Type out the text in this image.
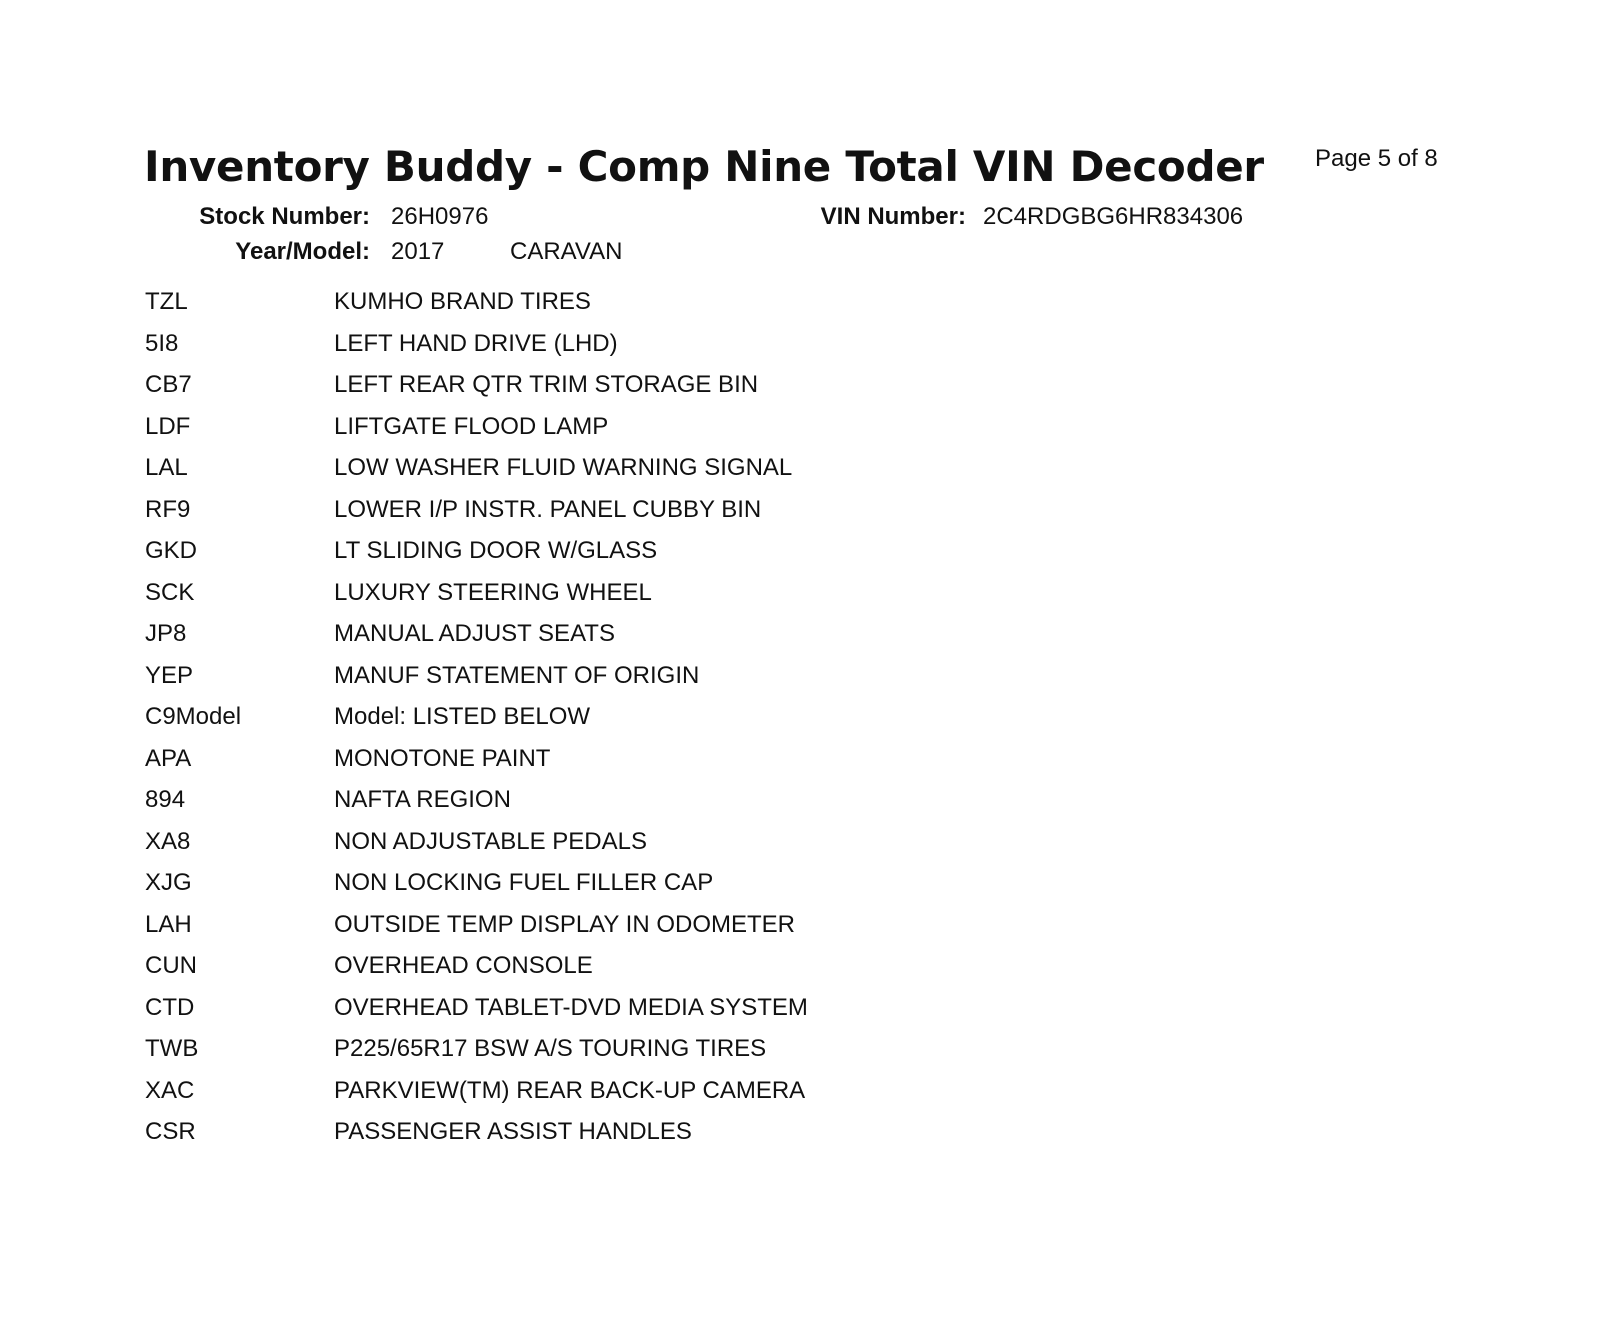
Inventory Buddy - Comp Nine Total VIN Decoder Page 5 of 8
Stock Number: 26H0976	VIN Number: 2C4RDGBG6HR834306
Year/Model: 2017	CARAVAN
TZL	KUMHO BRAND TIRES
5I8	LEFT HAND DRIVE (LHD)
CB7	LEFT REAR QTR TRIM STORAGE BIN
LDF	LIFTGATE FLOOD LAMP
LAL	LOW WASHER FLUID WARNING SIGNAL
RF9	LOWER I/P INSTR. PANEL CUBBY BIN
GKD	LT SLIDING DOOR W/GLASS
SCK	LUXURY STEERING WHEEL
JP8	MANUAL ADJUST SEATS
YEP	MANUF STATEMENT OF ORIGIN
C9Model	Model: LISTED BELOW
APA	MONOTONE PAINT
894	NAFTA REGION
XA8	NON ADJUSTABLE PEDALS
XJG	NON LOCKING FUEL FILLER CAP
LAH	OUTSIDE TEMP DISPLAY IN ODOMETER
CUN	OVERHEAD CONSOLE
CTD	OVERHEAD TABLET-DVD MEDIA SYSTEM
TWB	P225/65R17 BSW A/S TOURING TIRES
XAC	PARKVIEW(TM) REAR BACK-UP CAMERA
CSR	PASSENGER ASSIST HANDLES
